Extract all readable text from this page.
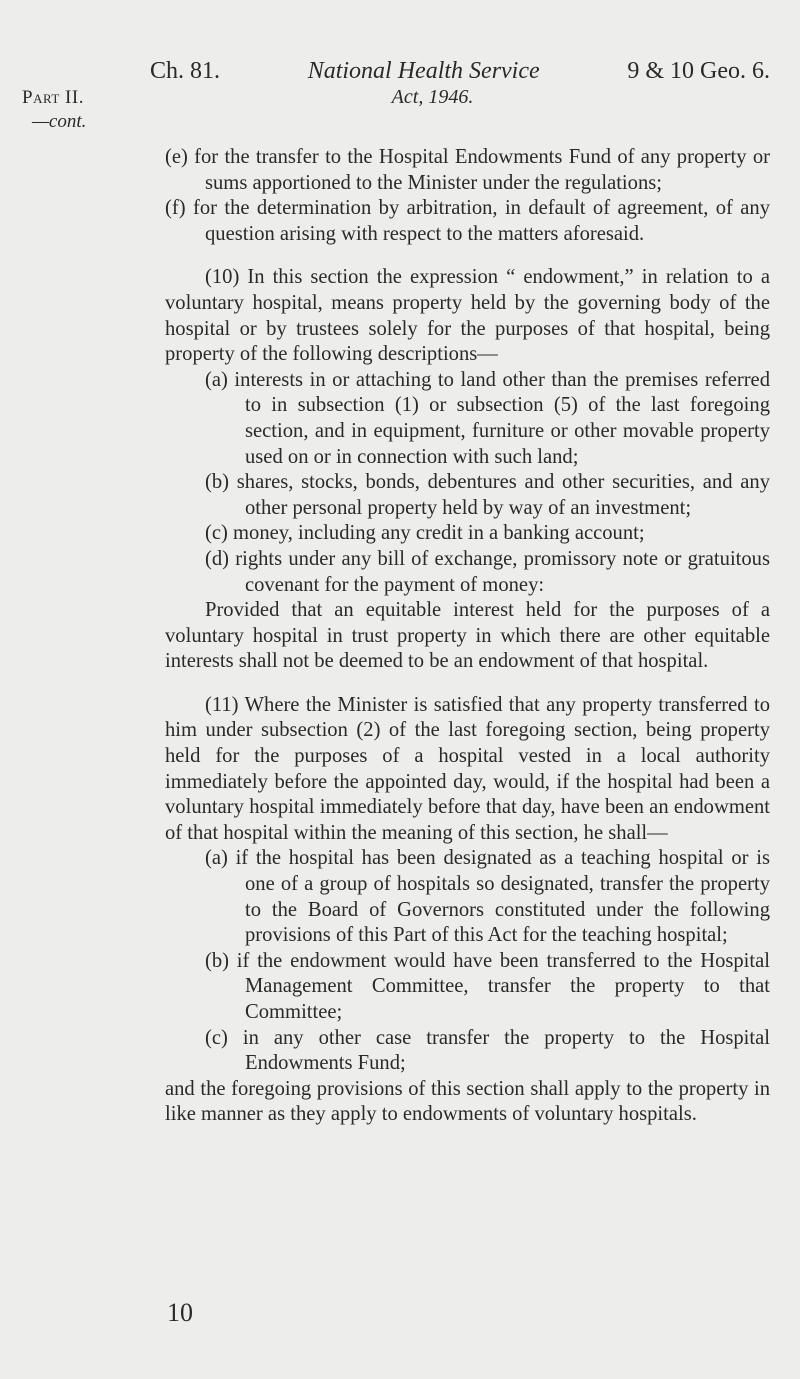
Part II.
—cont.
Ch. 81.	National Health Service	9 & 10 Geo. 6.
Act, 1946.

(e) for the transfer to the Hospital Endowments Fund of any property or sums apportioned to the Minister under the regulations;

(f) for the determination by arbitration, in default of agreement, of any question arising with respect to the matters aforesaid.

(10) In this section the expression “ endowment,” in relation to a voluntary hospital, means property held by the governing body of the hospital or by trustees solely for the purposes of that hospital, being property of the following descriptions—

(a) interests in or attaching to land other than the premises referred to in subsection (1) or subsection (5) of the last foregoing section, and in equipment, furniture or other movable property used on or in connection with such land;

(b) shares, stocks, bonds, debentures and other securities, and any other personal property held by way of an investment;

(c) money, including any credit in a banking account;

(d) rights under any bill of exchange, promissory note or gratuitous covenant for the payment of money:

Provided that an equitable interest held for the purposes of a voluntary hospital in trust property in which there are other equitable interests shall not be deemed to be an endowment of that hospital.

(11) Where the Minister is satisfied that any property transferred to him under subsection (2) of the last foregoing section, being property held for the purposes of a hospital vested in a local authority immediately before the appointed day, would, if the hospital had been a voluntary hospital immediately before that day, have been an endowment of that hospital within the meaning of this section, he shall—

(a) if the hospital has been designated as a teaching hospital or is one of a group of hospitals so designated, transfer the property to the Board of Governors constituted under the following provisions of this Part of this Act for the teaching hospital;

(b) if the endowment would have been transferred to the Hospital Management Committee, transfer the property to that Committee;

(c) in any other case transfer the property to the Hospital Endowments Fund;

and the foregoing provisions of this section shall apply to the property in like manner as they apply to endowments of voluntary hospitals.

10
